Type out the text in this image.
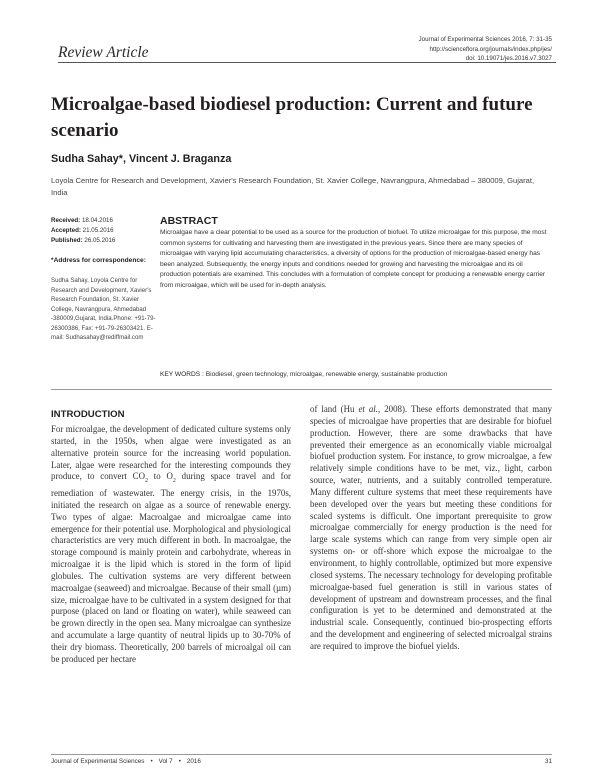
Journal of Experimental Sciences 2016, 7: 31-35
http://scienceflora.org/journals/index.php/jes/
doi: 10.19071/jes.2016.v7.3027
Review Article
Microalgae-based biodiesel production: Current and future scenario
Sudha Sahay*, Vincent J. Braganza
Loyola Centre for Research and Development, Xavier's Research Foundation, St. Xavier College, Navrangpura, Ahmedabad – 380009, Gujarat, India
Received: 18.04.2016
Accepted: 21.05.2016
Published: 26.05.2016
*Address for correspondence:
Sudha Sahay, Loyola Centre for Research and Development, Xavier's Research Foundation, St. Xavier College, Navrangpura, Ahmedabad -380009,Gujarat, India.Phone: +91-79-26300386, Fax: +91-79-26303421. E-mail: Sudhasahay@rediffmail.com
ABSTRACT
Microalgae have a clear potential to be used as a source for the production of biofuel. To utilize microalgae for this purpose, the most common systems for cultivating and harvesting them are investigated in the previous years. Since there are many species of microalgae with varying lipid accumulating characteristics, a diversity of options for the production of microalgae-based energy has been analyzed. Subsequently, the energy inputs and conditions needed for growing and harvesting the microalgae and its oil production potentials are examined. This concludes with a formulation of complete concept for producing a renewable energy carrier from microalgae, which will be used for in-depth analysis.
KEY WORDS : Biodiesel, green technology, microalgae, renewable energy, sustainable production
INTRODUCTION
For microalgae, the development of dedicated culture systems only started, in the 1950s, when algae were investigated as an alternative protein source for the increasing world population. Later, algae were researched for the interesting compounds they produce, to convert $CO_2$ to $O_2$ during space travel and for remediation of wastewater. The energy crisis, in the 1970s, initiated the research on algae as a source of renewable energy. Two types of algae: Macroalgae and microalgae came into emergence for their potential use. Morphological and physiological characteristics are very much different in both. In macroalgae, the storage compound is mainly protein and carbohydrate, whereas in microalgae it is the lipid which is stored in the form of lipid globules. The cultivation systems are very different between macroalgae (seaweed) and microalgae. Because of their small (µm) size, microalgae have to be cultivated in a system designed for that purpose (placed on land or floating on water), while seaweed can be grown directly in the open sea. Many microalgae can synthesize and accumulate a large quantity of neutral lipids up to 30-70% of their dry biomass. Theoretically, 200 barrels of microalgal oil can be produced per hectare
of land (Hu et al., 2008). These efforts demonstrated that many species of microalgae have properties that are desirable for biofuel production. However, there are some drawbacks that have prevented their emergence as an economically viable microalgal biofuel production system. For instance, to grow microalgae, a few relatively simple conditions have to be met, viz., light, carbon source, water, nutrients, and a suitably controlled temperature. Many different culture systems that meet these requirements have been developed over the years but meeting these conditions for scaled systems is difficult. One important prerequisite to grow microalgae commercially for energy production is the need for large scale systems which can range from very simple open air systems on- or off-shore which expose the microalgae to the environment, to highly controllable, optimized but more expensive closed systems. The necessary technology for developing profitable microalgae-based fuel generation is still in various states of development of upstream and downstream processes, and the final configuration is yet to be determined and demonstrated at the industrial scale. Consequently, continued bio-prospecting efforts and the development and engineering of selected microalgal strains are required to improve the biofuel yields.
Journal of Experimental Sciences • Vol 7 • 2016	31
